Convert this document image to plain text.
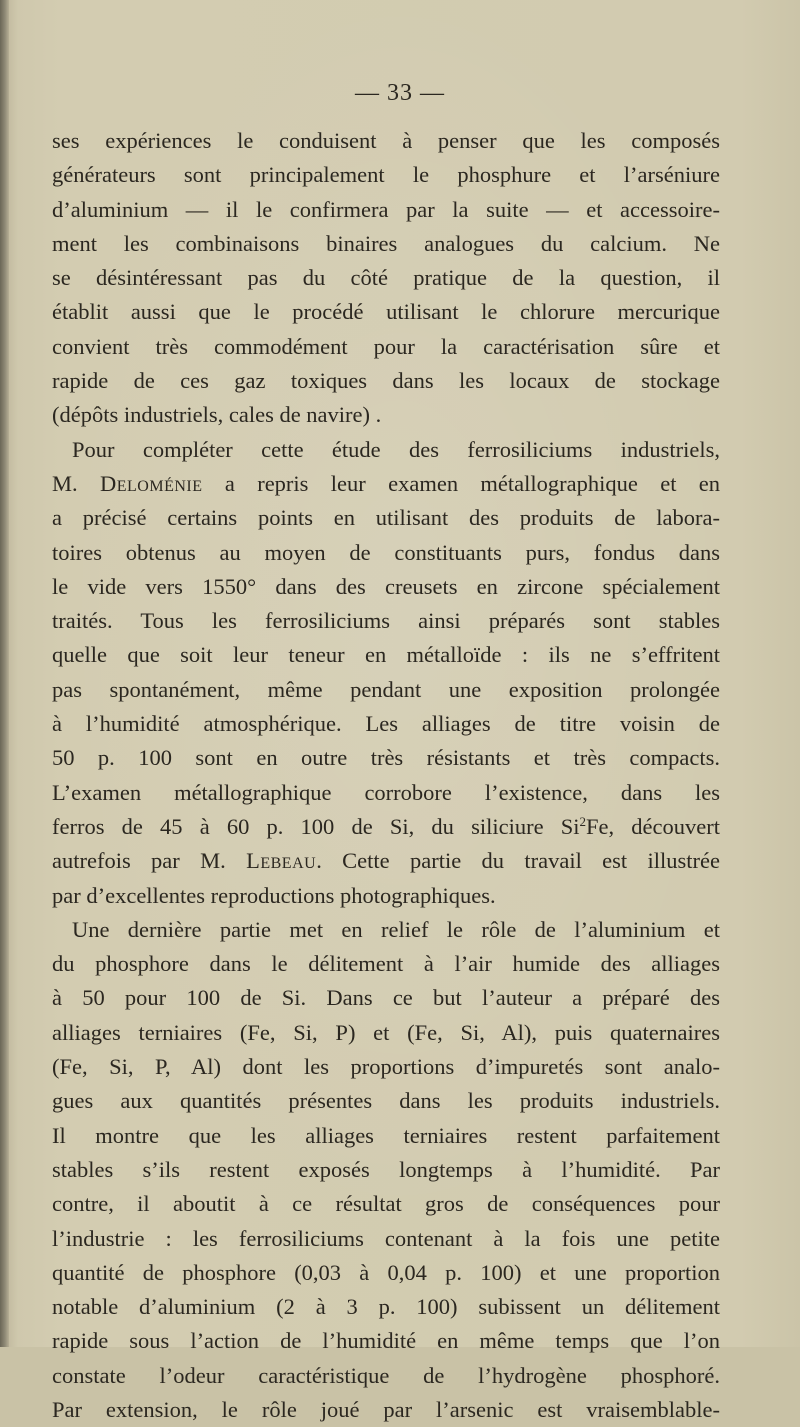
— 33 —
ses expériences le conduisent à penser que les composés
générateurs sont principalement le phosphure et l’arséniure
d’aluminium — il le confirmera par la suite — et accessoire-
ment les combinaisons binaires analogues du calcium. Ne
se désintéressant pas du côté pratique de la question, il
établit aussi que le procédé utilisant le chlorure mercurique
convient très commodément pour la caractérisation sûre et
rapide de ces gaz toxiques dans les locaux de stockage
(dépôts industriels, cales de navire) .
Pour compléter cette étude des ferrosiliciums industriels,
M. Deloménie a repris leur examen métallographique et en
a précisé certains points en utilisant des produits de labora-
toires obtenus au moyen de constituants purs, fondus dans
le vide vers 1550° dans des creusets en zircone spécialement
traités. Tous les ferrosiliciums ainsi préparés sont stables
quelle que soit leur teneur en métalloïde : ils ne s’effritent
pas spontanément, même pendant une exposition prolongée
à l’humidité atmosphérique. Les alliages de titre voisin de
50 p. 100 sont en outre très résistants et très compacts.
L’examen métallographique corrobore l’existence, dans les
ferros de 45 à 60 p. 100 de Si, du siliciure Si$^2$Fe, découvert
autrefois par M. Lebeau. Cette partie du travail est illustrée
par d’excellentes reproductions photographiques.
Une dernière partie met en relief le rôle de l’aluminium et
du phosphore dans le délitement à l’air humide des alliages
à 50 pour 100 de Si. Dans ce but l’auteur a préparé des
alliages terniaires (Fe, Si, P) et (Fe, Si, Al), puis quaternaires
(Fe, Si, P, Al) dont les proportions d’impuretés sont analo-
gues aux quantités présentes dans les produits industriels.
Il montre que les alliages terniaires restent parfaitement
stables s’ils restent exposés longtemps à l’humidité. Par
contre, il aboutit à ce résultat gros de conséquences pour
l’industrie : les ferrosiliciums contenant à la fois une petite
quantité de phosphore (0,03 à 0,04 p. 100) et une proportion
notable d’aluminium (2 à 3 p. 100) subissent un délitement
rapide sous l’action de l’humidité en même temps que l’on
constate l’odeur caractéristique de l’hydrogène phosphoré.
Par extension, le rôle joué par l’arsenic est vraisemblable-
